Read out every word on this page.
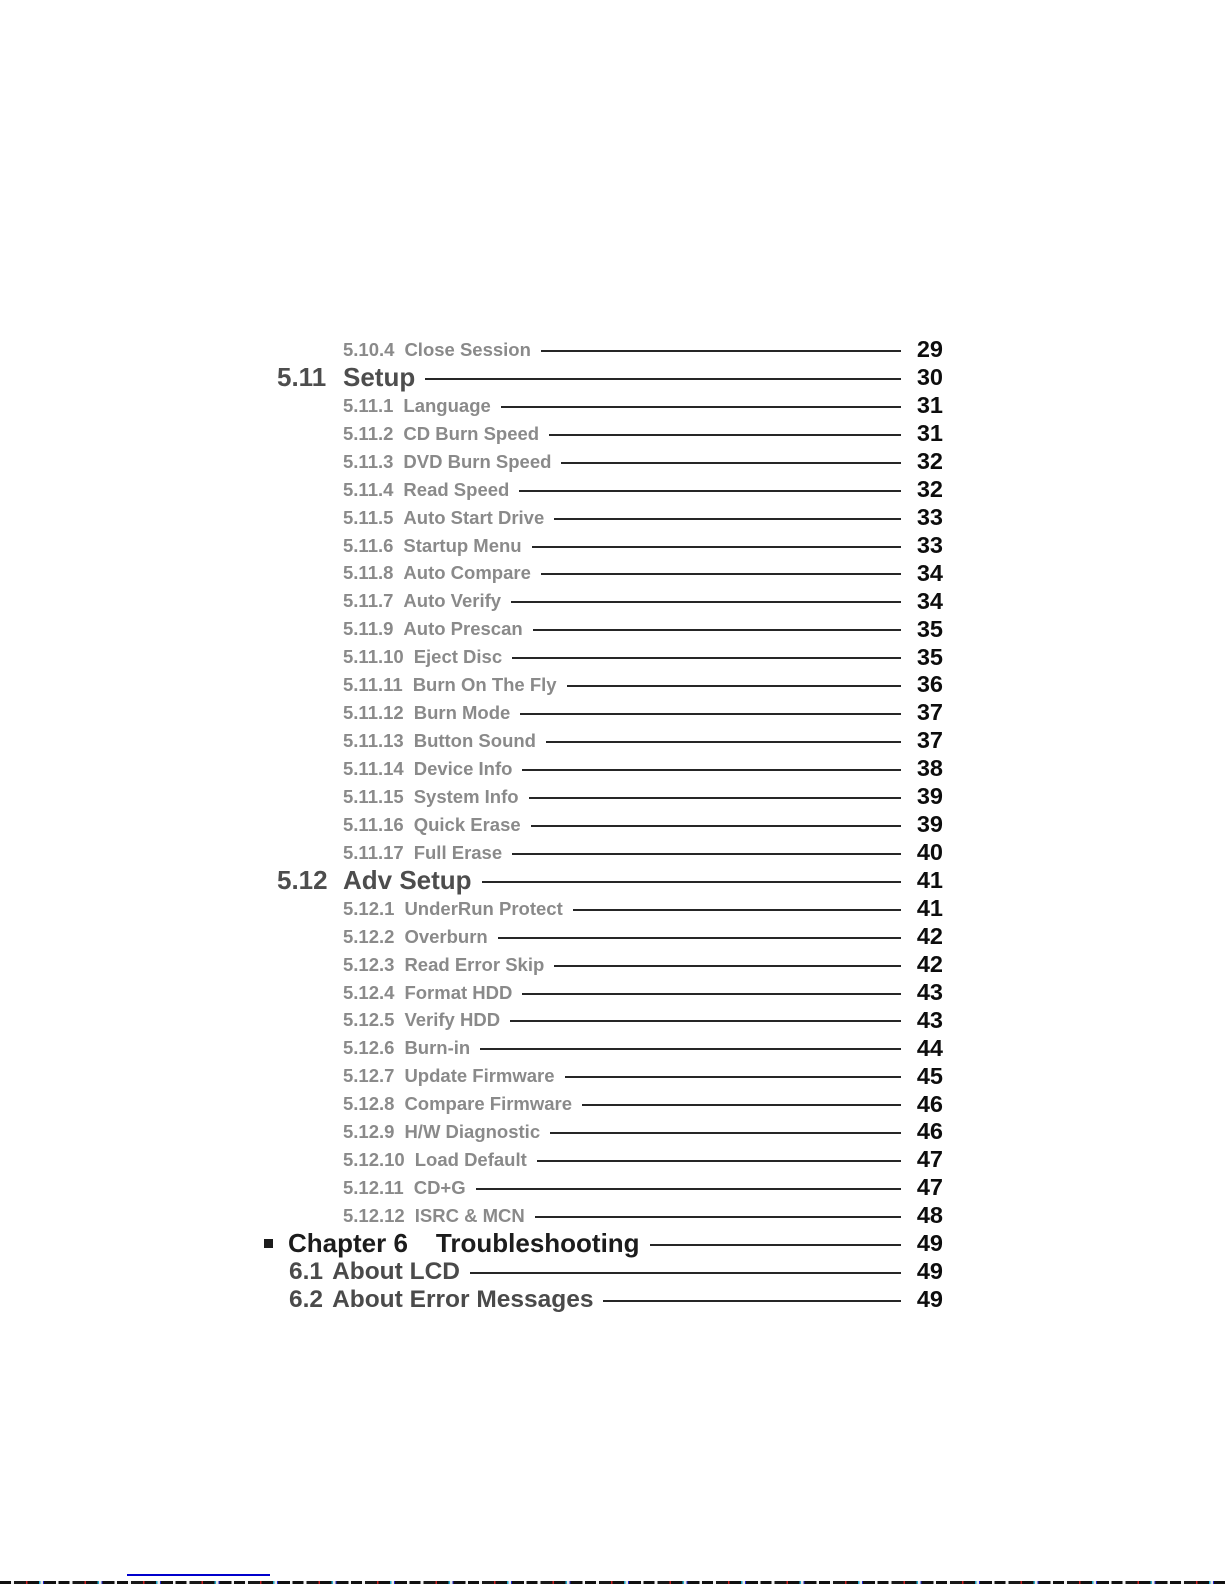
5.10.4 Close Session	29
5.11 Setup	30
5.11.1 Language	31
5.11.2 CD Burn Speed	31
5.11.3 DVD Burn Speed	32
5.11.4 Read Speed	32
5.11.5 Auto Start Drive	33
5.11.6 Startup Menu	33
5.11.8 Auto Compare	34
5.11.7 Auto Verify	34
5.11.9 Auto Prescan	35
5.11.10 Eject Disc	35
5.11.11 Burn On The Fly	36
5.11.12 Burn Mode	37
5.11.13 Button Sound	37
5.11.14 Device Info	38
5.11.15 System Info	39
5.11.16 Quick Erase	39
5.11.17 Full Erase	40
5.12 Adv Setup	41
5.12.1 UnderRun Protect	41
5.12.2 Overburn	42
5.12.3 Read Error Skip	42
5.12.4 Format HDD	43
5.12.5 Verify HDD	43
5.12.6 Burn-in	44
5.12.7 Update Firmware	45
5.12.8 Compare Firmware	46
5.12.9 H/W Diagnostic	46
5.12.10 Load Default	47
5.12.11 CD+G	47
5.12.12 ISRC & MCN	48
Chapter 6 Troubleshooting	49
6.1 About LCD	49
6.2 About Error Messages	49
